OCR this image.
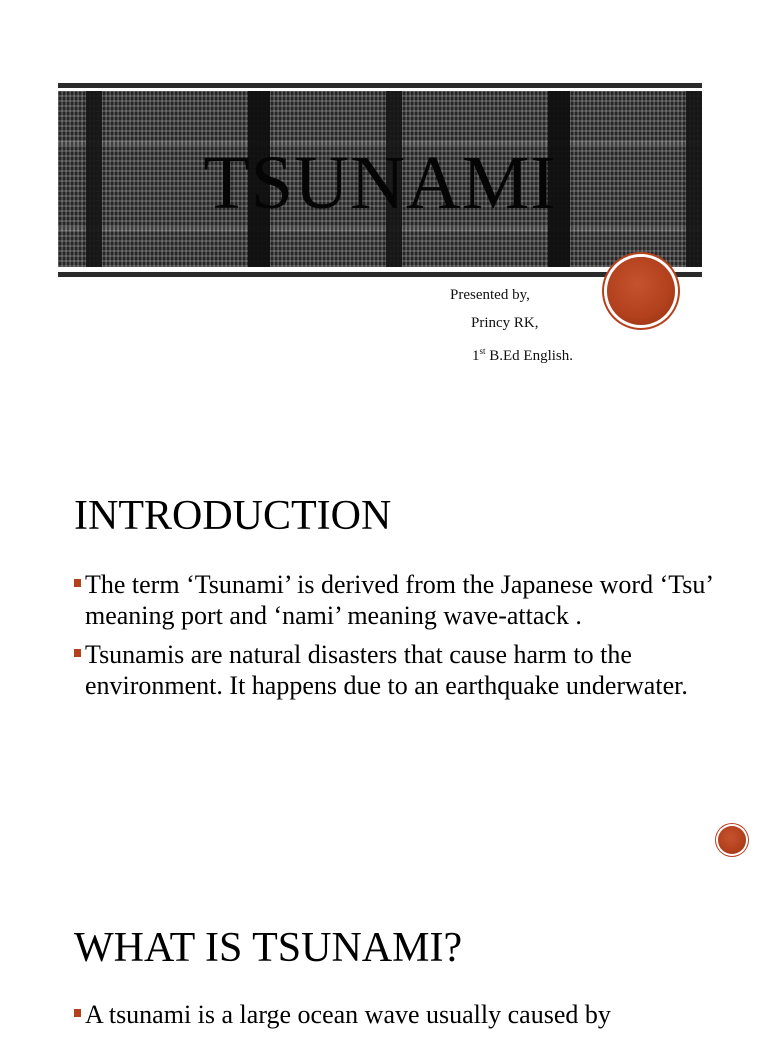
TSUNAMI
Presented by,
Princy RK,
1st B.Ed English.
INTRODUCTION
The term ‘Tsunami’ is derived from the Japanese word ‘Tsu’ meaning port and ‘nami’ meaning wave-attack .
Tsunamis are natural disasters that cause harm to the environment. It happens due to an earthquake underwater.
WHAT IS TSUNAMI?
A tsunami is a large ocean wave usually caused by
